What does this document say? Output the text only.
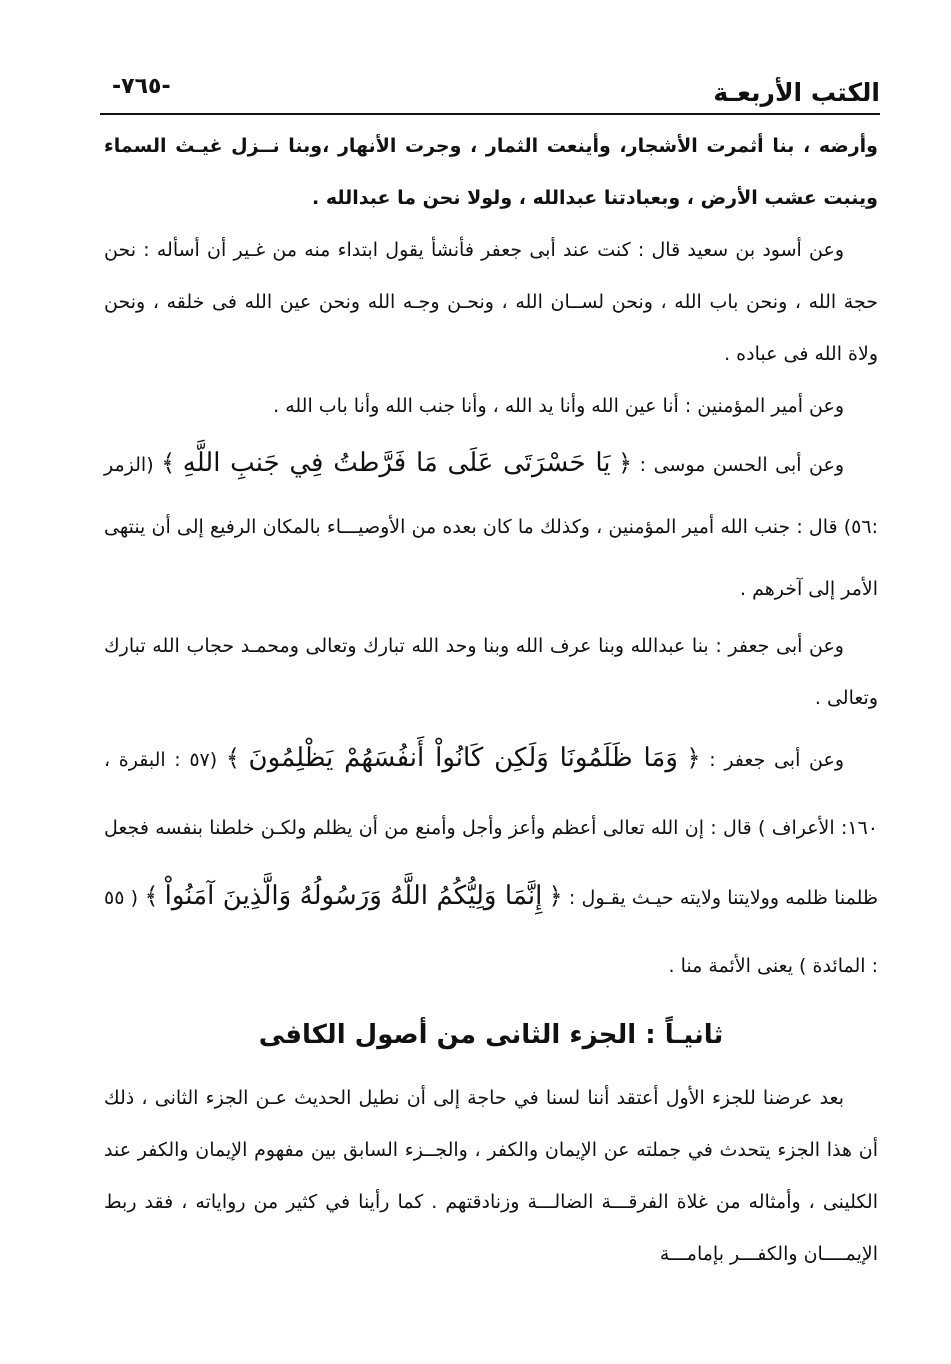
-٧٦٥-	الكتب الأربعـة

وأرضه ، بنا أثمرت الأشجار، وأينعت الثمار ، وجرت الأنهار ،وبنا نــزل غيـث السماء وينبت عشب الأرض ، وبعبادتنا عبدالله ، ولولا نحن ما عبدالله .

وعن أسود بن سعيد قال : كنت عند أبى جعفر فأنشأ يقول ابتداء منه من غـير أن أسأله : نحن حجة الله ، ونحن باب الله ، ونحن لســان الله ، ونحـن وجـه الله ونحن عين الله فى خلقه ، ونحن ولاة الله فى عباده .

وعن أمير المؤمنين : أنا عين الله وأنا يد الله ، وأنا جنب الله وأنا باب الله .

وعن أبى الحسن موسى : ﴿ يَا حَسْرَتَى عَلَى مَا فَرَّطتُ فِي جَنبِ اللَّهِ ﴾ (الزمر :٥٦) قال : جنب الله أمير المؤمنين ، وكذلك ما كان بعده من الأوصيـــاء بالمكان الرفيع إلى أن ينتهى الأمر إلى آخرهم .

وعن أبى جعفر : بنا عبدالله وبنا عرف الله وبنا وحد الله تبارك وتعالى ومحمـد حجاب الله تبارك وتعالى .

وعن أبى جعفر : ﴿ وَمَا ظَلَمُونَا وَلَكِن كَانُواْ أَنفُسَهُمْ يَظْلِمُونَ ﴾ (٥٧ : البقرة ، ١٦٠: الأعراف ) قال : إن الله تعالى أعظم وأعز وأجل وأمنع من أن يظلم ولكـن خلطنا بنفسه فجعل ظلمنا ظلمه وولايتنا ولايته حيـث يقـول : ﴿ إِنَّمَا وَلِيُّكُمُ اللَّهُ وَرَسُولُهُ وَالَّذِينَ آمَنُواْ ﴾ ( ٥٥ : المائدة ) يعنى الأئمة منا .

ثانيـاً : الجزء الثانى من أصول الكافى

بعد عرضنا للجزء الأول أعتقد أننا لسنا في حاجة إلى أن نطيل الحديث عـن الجزء الثانى ، ذلك أن هذا الجزء يتحدث في جملته عن الإيمان والكفر ، والجــزء السابق بين مفهوم الإيمان والكفر عند الكلينى ، وأمثاله من غلاة الفرقـــة الضالـــة وزنادقتهم . كما رأينا في كثير من رواياته ، فقد ربط الإيمــــان والكفـــر بإمامـــة
